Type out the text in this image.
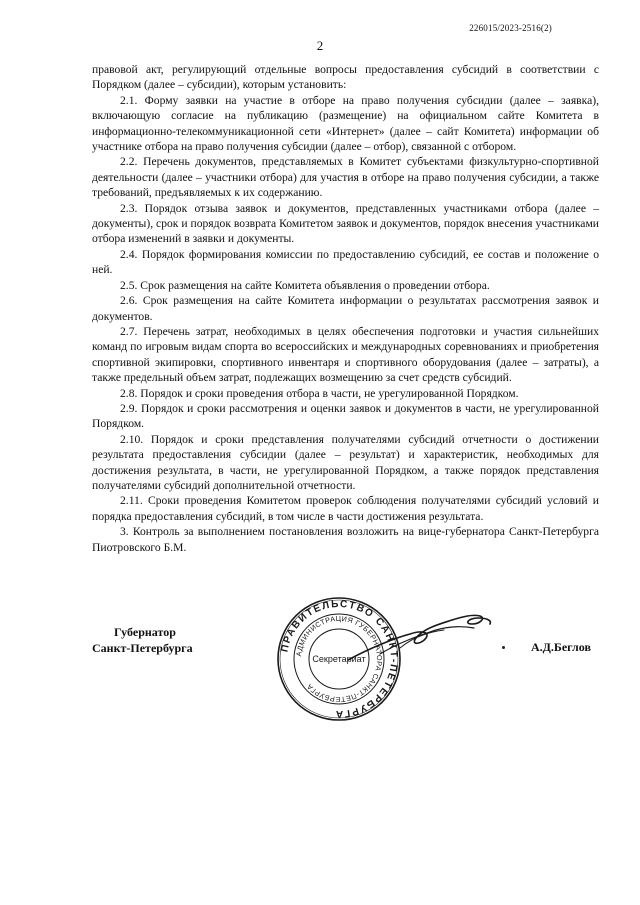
226015/2023-2516(2)
2

правовой акт, регулирующий отдельные вопросы предоставления субсидий в соответствии с Порядком (далее – субсидии), которым установить:

2.1. Форму заявки на участие в отборе на право получения субсидии (далее – заявка), включающую согласие на публикацию (размещение) на официальном сайте Комитета в информационно-телекоммуникационной сети «Интернет» (далее – сайт Комитета) информации об участнике отбора на право получения субсидии (далее – отбор), связанной с отбором.

2.2. Перечень документов, представляемых в Комитет субъектами физкультурно-спортивной деятельности (далее – участники отбора) для участия в отборе на право получения субсидии, а также требований, предъявляемых к их содержанию.

2.3. Порядок отзыва заявок и документов, представленных участниками отбора (далее – документы), срок и порядок возврата Комитетом заявок и документов, порядок внесения участниками отбора изменений в заявки и документы.

2.4. Порядок формирования комиссии по предоставлению субсидий, ее состав и положение о ней.

2.5. Срок размещения на сайте Комитета объявления о проведении отбора.

2.6. Срок размещения на сайте Комитета информации о результатах рассмотрения заявок и документов.

2.7. Перечень затрат, необходимых в целях обеспечения подготовки и участия сильнейших команд по игровым видам спорта во всероссийских и международных соревнованиях и приобретения спортивной экипировки, спортивного инвентаря и спортивного оборудования (далее – затраты), а также предельный объем затрат, подлежащих возмещению за счет средств субсидий.

2.8. Порядок и сроки проведения отбора в части, не урегулированной Порядком.

2.9. Порядок и сроки рассмотрения и оценки заявок и документов в части, не урегулированной Порядком.

2.10. Порядок и сроки представления получателями субсидий отчетности о достижении результата предоставления субсидии (далее – результат) и характеристик, необходимых для достижения результата, в части, не урегулированной Порядком, а также порядок представления получателями субсидий дополнительной отчетности.

2.11. Сроки проведения Комитетом проверок соблюдения получателями субсидий условий и порядка предоставления субсидий, в том числе в части достижения результата.

3. Контроль за выполнением постановления возложить на вице-губернатора Санкт-Петербурга Пиотровского Б.М.

Губернатор
Санкт-Петербурга	ПРАВИТЕЛЬСТВО САНКТ-ПЕТЕРБУРГА
АДМИНИСТРАЦИЯ ГУБЕРНАТОРА САНКТ-ПЕТЕРБУРГА
Секретариат
А.Д.Беглов
